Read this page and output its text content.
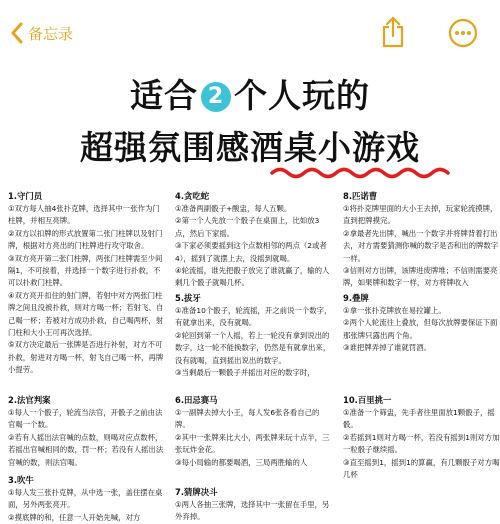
备忘录
适合 2 个人玩的
超强氛围感酒桌小游戏
1.守门员

①双方每人抽4张扑克牌，选择其中一张作为门柱牌，并相互亮牌。

②双方以扣牌的形式放置第二张门柱牌以及射门牌，根据对方亮出的门柱牌进行攻守取舍。

③双方亮开第二张门柱牌，两张门柱牌需至少间隔1，不可挨着，并选择一个数字进行扑救，不可以扑救门柱牌。

④双方亮开扣住的射门牌，若射中对方两张门柱牌之间且没被扑救，则对方喝一杯；若射飞、自己喝一杯；若被对方成功扑救，自己喝两杯，射门柱和大小王可再次选择。

⑤双方决定最后一张牌是否进行补射，对方不可扑救，射进对方喝一杯，射飞自己喝一杯，再牌小提劳。

2.法官判案

①每人一个骰子，轮流当法官，开骰子之前由法官喝一个数。

②若有人摇出法官喊的点数，则喝对应点数杯，若摇出官喊相同的数，罚一杯；若没有人摇出法官喊的数，则法官喝。

3.吹牛

①每人发三张扑克牌，从中选一张，盖住摆在桌面，另外两张亮开。

②摸底牌的和，任意一人开始先喊，对方

4.贪吃蛇

①准备两副骰子+酸盅，每人五颗。

②第一个人先放一个骰子在桌面上，比如放3点，然后下家摇。

③下家必须要摇到这个点数相邻的两点（2或者4），摇到了就摆上去，没摇到就喝。

④轮流摇，谁先把骰子放完了谁就赢了，输的人剩几个骰子就喝几杯。

5.拔牙

①准备10个骰子，轮流摇，开之前说一个数字，有就拿出来，没有就喝。

②轮回到第一个人摇，若上一轮没有拿到说出的数字，这一轮不能换数字，仍然是有就拿出来，没有就喝，直到摇出说出的数字。

③当剩最后一颗骰子并摇出对应的数字时，

6.田忌赛马

①一副牌去掉大小王，每人发6张各看自己的牌。

②其中一张牌来比大小，两张牌来玩十点半，三张玩炸金花。

③每小局输的都要喝酒，三局两胜输的人

7.猜牌决斗

①两人各抽三张牌，选择其中一张留在手里，另外弃掉。

8.匹诺曹

①将扑克牌里面的大小王去掉，玩家轮流摸牌，直到把牌摸完。

②拿最者先出牌，喊出一个数字并将牌背着打出去，对方需要猜测你喊的数字是否和出的牌数字一样。

③信则对方出牌，该牌进废牌堆；不信则需要亮牌，如果牌和数字一样，对方将牌收入

9.叠牌

①拿一张扑克牌放在易拉罐上。

②两个人轮流往上叠放，但每次放牌要保证下面那张牌只露出两个角。

③谁把牌弄掉了谁就罚酒。

10.百里挑一

①准备一个筛盅，先手者往里面放1颗骰子，摇骰。

②若摇到1则对方喝一杯，若没有摇到1则对方加一粒骰子继续摇。

③直至摇到1，摇到1的算赢，有几颗骰子对方喝几杯
